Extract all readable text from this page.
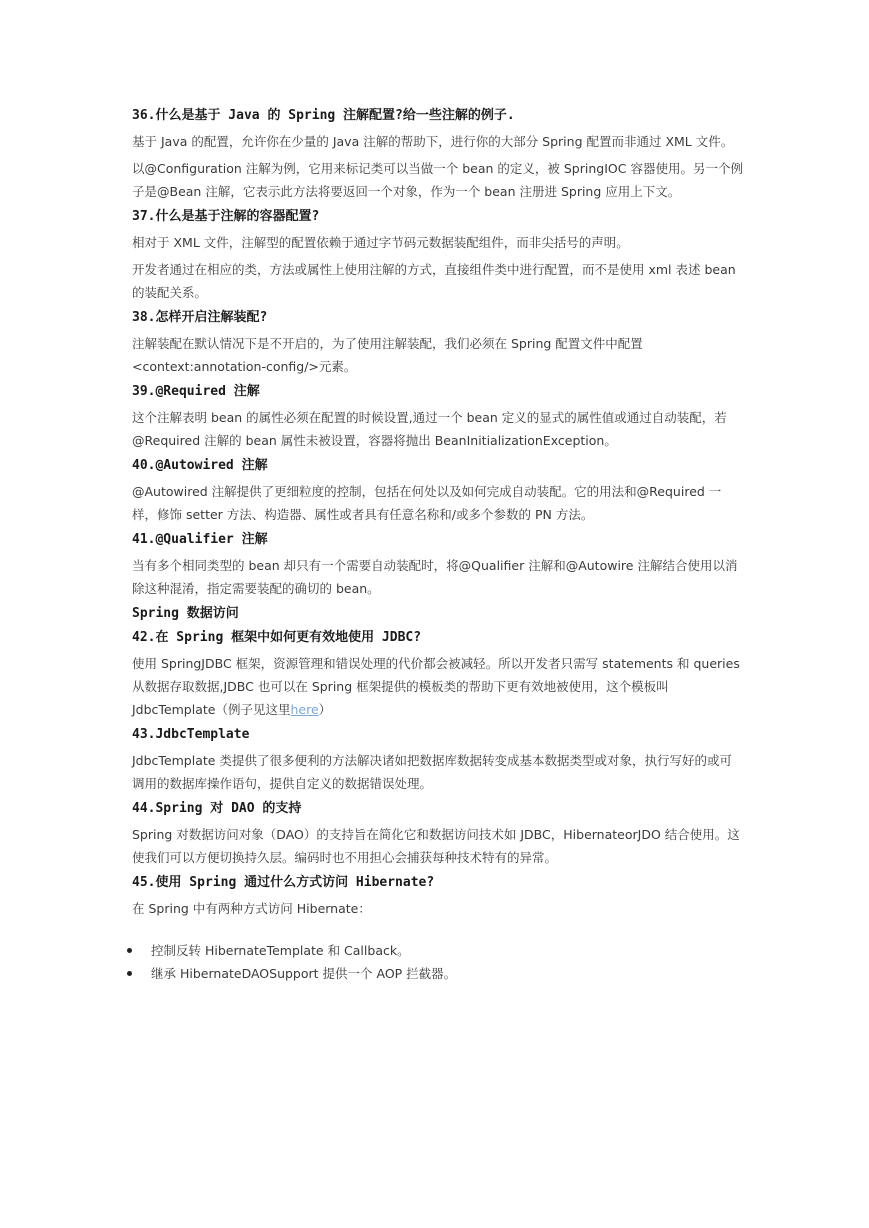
36.什么是基于 Java 的 Spring 注解配置?给一些注解的例子.

基于 Java 的配置，允许你在少量的 Java 注解的帮助下，进行你的大部分 Spring 配置而非通过 XML 文件。

以@Configuration 注解为例，它用来标记类可以当做一个 bean 的定义，被 SpringIOC 容器使用。另一个例子是@Bean 注解，它表示此方法将要返回一个对象，作为一个 bean 注册进 Spring 应用上下文。

37.什么是基于注解的容器配置?

相对于 XML 文件，注解型的配置依赖于通过字节码元数据装配组件，而非尖括号的声明。

开发者通过在相应的类，方法或属性上使用注解的方式，直接组件类中进行配置，而不是使用 xml 表述 bean 的装配关系。

38.怎样开启注解装配?

注解装配在默认情况下是不开启的，为了使用注解装配，我们必须在 Spring 配置文件中配置<context:annotation-config/>元素。

39.@Required 注解

这个注解表明 bean 的属性必须在配置的时候设置,通过一个 bean 定义的显式的属性值或通过自动装配，若@Required 注解的 bean 属性未被设置，容器将抛出 BeanInitializationException。

40.@Autowired 注解

@Autowired 注解提供了更细粒度的控制，包括在何处以及如何完成自动装配。它的用法和@Required 一样，修饰 setter 方法、构造器、属性或者具有任意名称和/或多个参数的 PN 方法。

41.@Qualifier 注解

当有多个相同类型的 bean 却只有一个需要自动装配时，将@Qualifier 注解和@Autowire 注解结合使用以消除这种混淆，指定需要装配的确切的 bean。

Spring 数据访问
42.在 Spring 框架中如何更有效地使用 JDBC?

使用 SpringJDBC 框架，资源管理和错误处理的代价都会被减轻。所以开发者只需写 statements 和 queries 从数据存取数据,JDBC 也可以在 Spring 框架提供的模板类的帮助下更有效地被使用，这个模板叫 JdbcTemplate（例子见这里here）

43.JdbcTemplate

JdbcTemplate 类提供了很多便利的方法解决诸如把数据库数据转变成基本数据类型或对象，执行写好的或可调用的数据库操作语句，提供自定义的数据错误处理。

44.Spring 对 DAO 的支持

Spring 对数据访问对象（DAO）的支持旨在简化它和数据访问技术如 JDBC，HibernateorJDO 结合使用。这使我们可以方便切换持久层。编码时也不用担心会捕获每种技术特有的异常。

45.使用 Spring 通过什么方式访问 Hibernate?

在 Spring 中有两种方式访问 Hibernate：

控制反转 HibernateTemplate 和 Callback。
继承 HibernateDAOSupport 提供一个 AOP 拦截器。
